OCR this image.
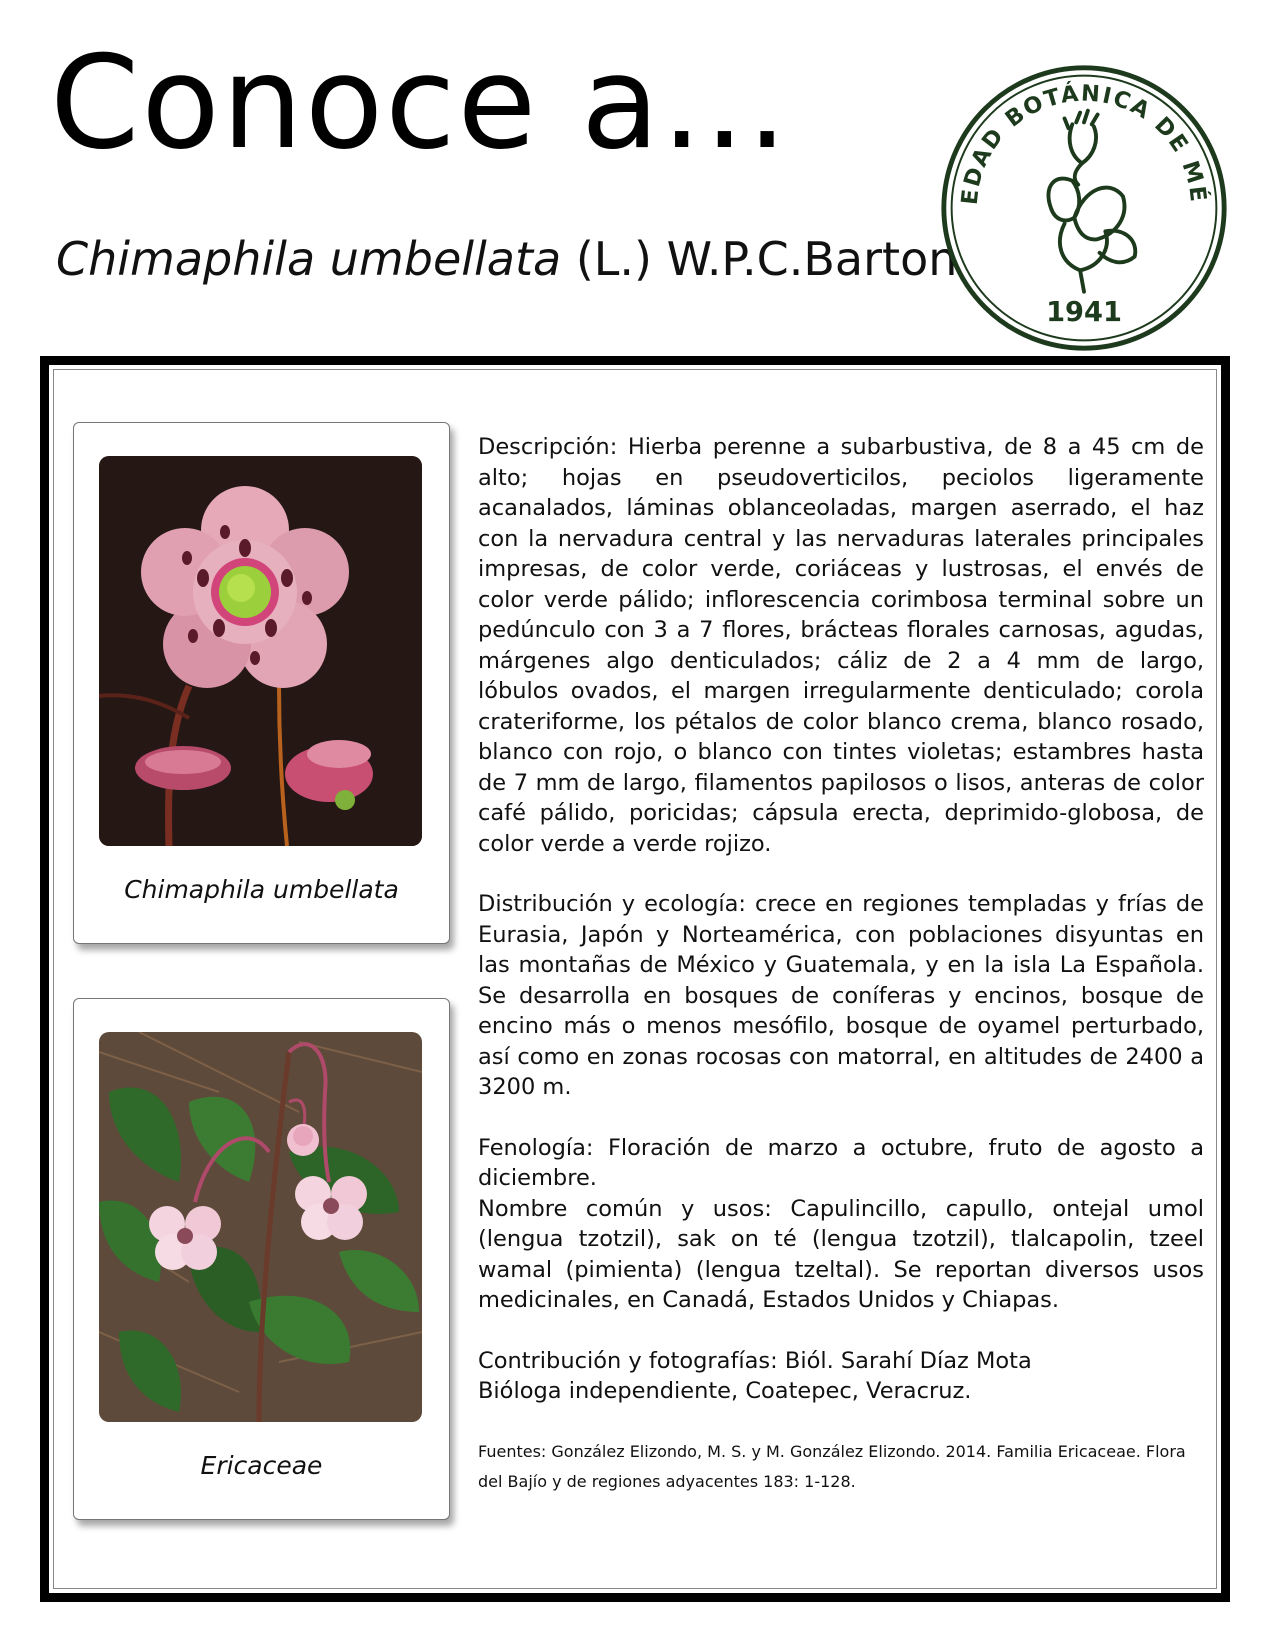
Conoce a...
Chimaphila umbellata (L.) W.P.C.Barton
EDAD BOTÁNICA DE MÉ
1941
Chimaphila umbellata
Ericaceae

Descripción: Hierba perenne a subarbustiva, de 8 a 45 cm de alto; hojas en pseudoverticilos, peciolos ligeramente acanalados, láminas oblanceoladas, margen aserrado, el haz con la nervadura central y las nervaduras laterales principales impresas, de color verde, coriáceas y lustrosas, el envés de color verde pálido; inflorescencia corimbosa terminal sobre un pedúnculo con 3 a 7 flores, brácteas florales carnosas, agudas, márgenes algo denticulados; cáliz de 2 a 4 mm de largo, lóbulos ovados, el margen irregularmente denticulado; corola crateriforme, los pétalos de color blanco crema, blanco rosado, blanco con rojo, o blanco con tintes violetas; estambres hasta de 7 mm de largo, filamentos papilosos o lisos, anteras de color café pálido, poricidas; cápsula erecta, deprimido-globosa, de color verde a verde rojizo.

Distribución y ecología: crece en regiones templadas y frías de Eurasia, Japón y Norteamérica, con poblaciones disyuntas en las montañas de México y Guatemala, y en la isla La Española. Se desarrolla en bosques de coníferas y encinos, bosque de encino más o menos mesófilo, bosque de oyamel perturbado, así como en zonas rocosas con matorral, en altitudes de 2400 a 3200 m.

Fenología: Floración de marzo a octubre, fruto de agosto a diciembre.

Nombre común y usos: Capulincillo, capullo, ontejal umol (lengua tzotzil), sak on té (lengua tzotzil), tlalcapolin, tzeel wamal (pimienta) (lengua tzeltal). Se reportan diversos usos medicinales, en Canadá, Estados Unidos y Chiapas.

Contribución y fotografías: Biól. Sarahí Díaz Mota
Bióloga independiente, Coatepec, Veracruz.

Fuentes: González Elizondo, M. S. y M. González Elizondo. 2014. Familia Ericaceae. Flora del Bajío y de regiones adyacentes 183: 1-128.
